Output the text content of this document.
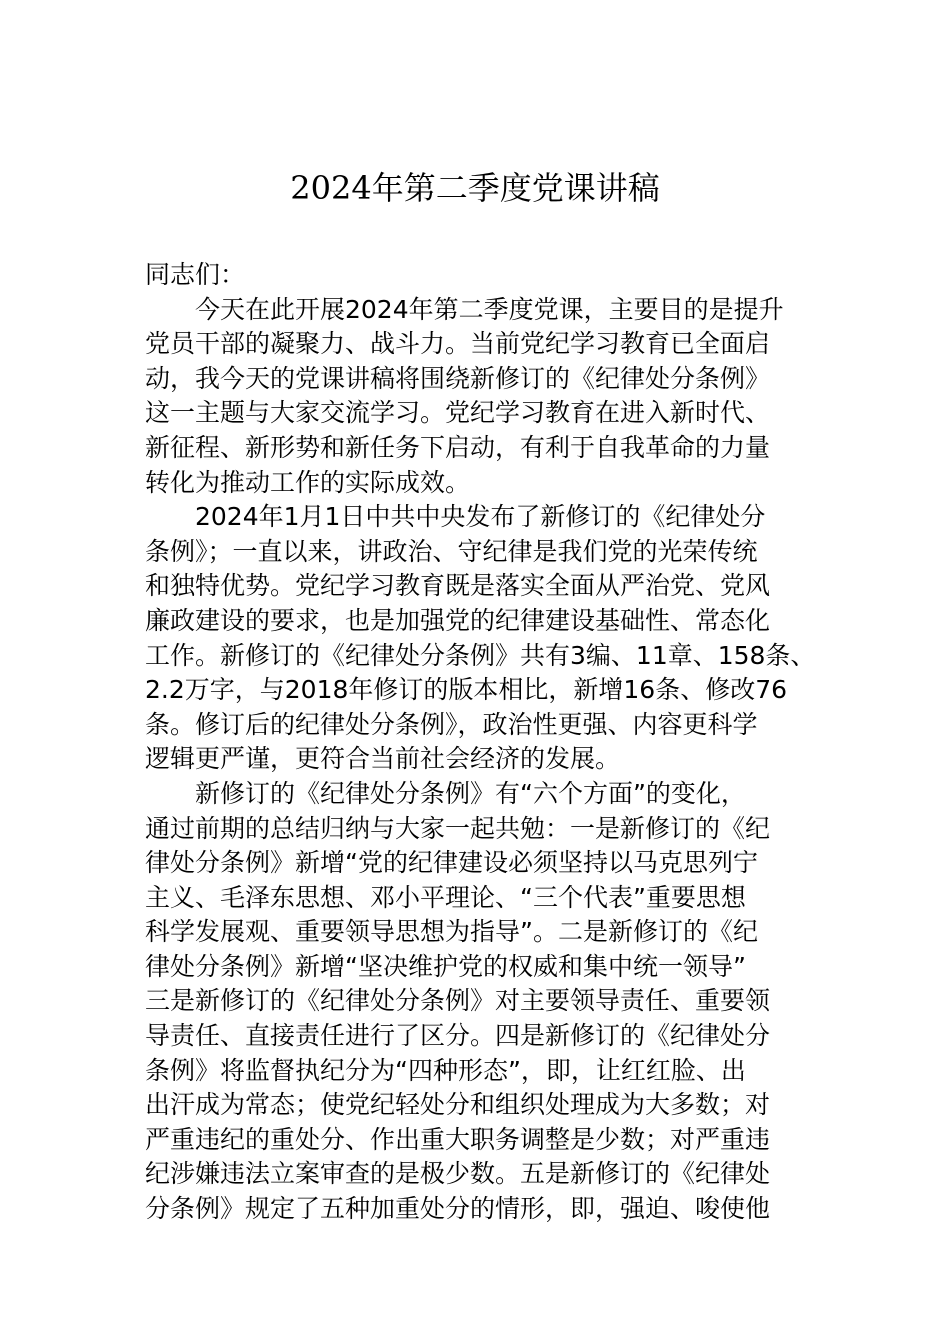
2024年第二季度党课讲稿
同志们：
今天在此开展2024年第二季度党课，主要目的是提升
党员干部的凝聚力、战斗力。当前党纪学习教育已全面启
动，我今天的党课讲稿将围绕新修订的《纪律处分条例》
这一主题与大家交流学习。党纪学习教育在进入新时代、
新征程、新形势和新任务下启动，有利于自我革命的力量
转化为推动工作的实际成效。
2024年1月1日中共中央发布了新修订的《纪律处分
条例》；一直以来，讲政治、守纪律是我们党的光荣传统
和独特优势。党纪学习教育既是落实全面从严治党、党风
廉政建设的要求，也是加强党的纪律建设基础性、常态化
工作。新修订的《纪律处分条例》共有3编、11章、158条、
2.2万字，与2018年修订的版本相比，新增16条、修改76
条。修订后的纪律处分条例》，政治性更强、内容更科学
逻辑更严谨，更符合当前社会经济的发展。
新修订的《纪律处分条例》有“六个方面”的变化，
通过前期的总结归纳与大家一起共勉：一是新修订的《纪
律处分条例》新增“党的纪律建设必须坚持以马克思列宁
主义、毛泽东思想、邓小平理论、“三个代表”重要思想
科学发展观、重要领导思想为指导”。二是新修订的《纪
律处分条例》新增“坚决维护党的权威和集中统一领导”
三是新修订的《纪律处分条例》对主要领导责任、重要领
导责任、直接责任进行了区分。四是新修订的《纪律处分
条例》将监督执纪分为“四种形态”，即，让红红脸、出
出汗成为常态；使党纪轻处分和组织处理成为大多数；对
严重违纪的重处分、作出重大职务调整是少数；对严重违
纪涉嫌违法立案审查的是极少数。五是新修订的《纪律处
分条例》规定了五种加重处分的情形，即，强迫、唆使他
